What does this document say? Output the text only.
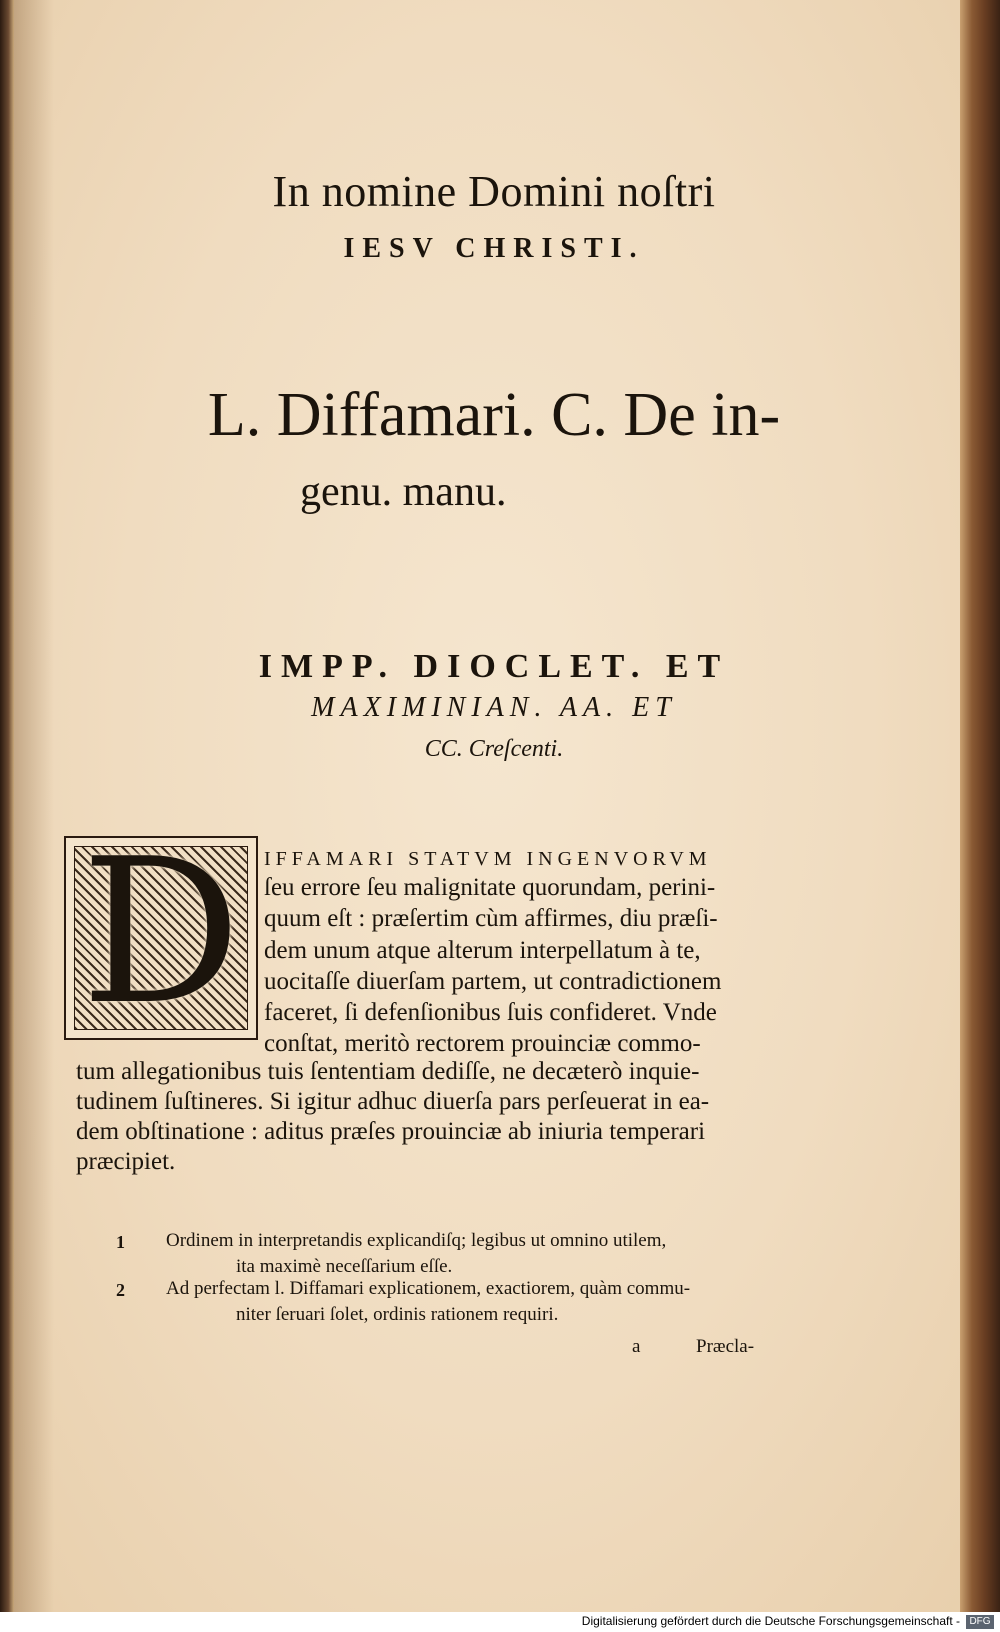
In nomine Domini noſtri
IESV CHRISTI.
L. Diffamari. C. De in-
genu. manu.
IMPP. DIOCLET. ET
MAXIMINIAN. AA. ET
CC. Creſcenti.
D	IFFAMARI STATVM INGENVORVM
ſeu errore ſeu malignitate quorundam, perini-
quum eſt : præſertim cùm affirmes, diu præſi-
dem unum atque alterum interpellatum à te,
uocitaſſe diuerſam partem, ut contradictionem
faceret, ſi defenſionibus ſuis confideret. Vnde
conſtat, meritò rectorem prouinciæ commo-
tum allegationibus tuis ſententiam dediſſe, ne decæterò inquie-
tudinem ſuſtineres. Si igitur adhuc diuerſa pars perſeuerat in ea-
dem obſtinatione : aditus præſes prouinciæ ab iniuria temperari
præcipiet.
1 Ordinem in interpretandis explicandiſq; legibus ut omnino utilem,
ita maximè neceſſarium eſſe.
2 Ad perfectam l. Diffamari explicationem, exactiorem, quàm commu-
niter ſeruari ſolet, ordinis rationem requiri.
a	Præcla-
Digitalisierung gefördert durch die Deutsche Forschungsgemeinschaft - DFG
